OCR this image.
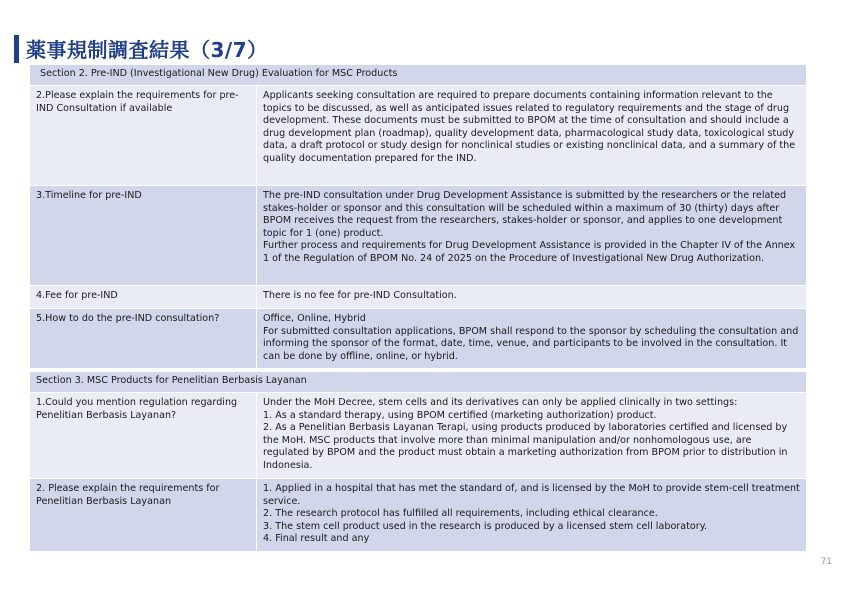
薬事規制調査結果（3/7）
Section 2. Pre-IND (Investigational New Drug) Evaluation for MSC Products	
2.Please explain the requirements for pre-IND Consultation if available	Applicants seeking consultation are required to prepare documents containing information relevant to the topics to be discussed, as well as anticipated issues related to regulatory requirements and the stage of drug development. These documents must be submitted to BPOM at the time of consultation and should include a drug development plan (roadmap), quality development data, pharmacological study data, toxicological study data, a draft protocol or study design for nonclinical studies or existing nonclinical data, and a summary of the quality documentation prepared for the IND.

3.Timeline for pre-IND	The pre-IND consultation under Drug Development Assistance is submitted by the researchers or the related stakes-holder or sponsor and this consultation will be scheduled within a maximum of 30 (thirty) days after BPOM receives the request from the researchers, stakes-holder or sponsor, and applies to one development topic for 1 (one) product.
Further process and requirements for Drug Development Assistance is provided in the Chapter IV of the Annex 1 of the Regulation of BPOM No. 24 of 2025 on the Procedure of Investigational New Drug Authorization.

4.Fee for pre-IND	There is no fee for pre-IND Consultation.

5.How to do the pre-IND consultation?	Office, Online, Hybrid
For submitted consultation applications, BPOM shall respond to the sponsor by scheduling the consultation and informing the sponsor of the format, date, time, venue, and participants to be involved in the consultation. It can be done by offline, online, or hybrid.
Section 3. MSC Products for Penelitian Berbasis Layanan	
1.Could you mention regulation regarding Penelitian Berbasis Layanan?	Under the MoH Decree, stem cells and its derivatives can only be applied clinically in two settings:
1. As a standard therapy, using BPOM certified (marketing authorization) product.
2. As a Penelitian Berbasis Layanan Terapi, using products produced by laboratories certified and licensed by the MoH. MSC products that involve more than minimal manipulation and/or nonhomologous use, are regulated by BPOM and the product must obtain a marketing authorization from BPOM prior to distribution in Indonesia.

2. Please explain the requirements for Penelitian Berbasis Layanan	1. Applied in a hospital that has met the standard of, and is licensed by the MoH to provide stem-cell treatment service.
2. The research protocol has fulfilled all requirements, including ethical clearance.
3. The stem cell product used in the research is produced by a licensed stem cell laboratory.
4. Final result and any
71
